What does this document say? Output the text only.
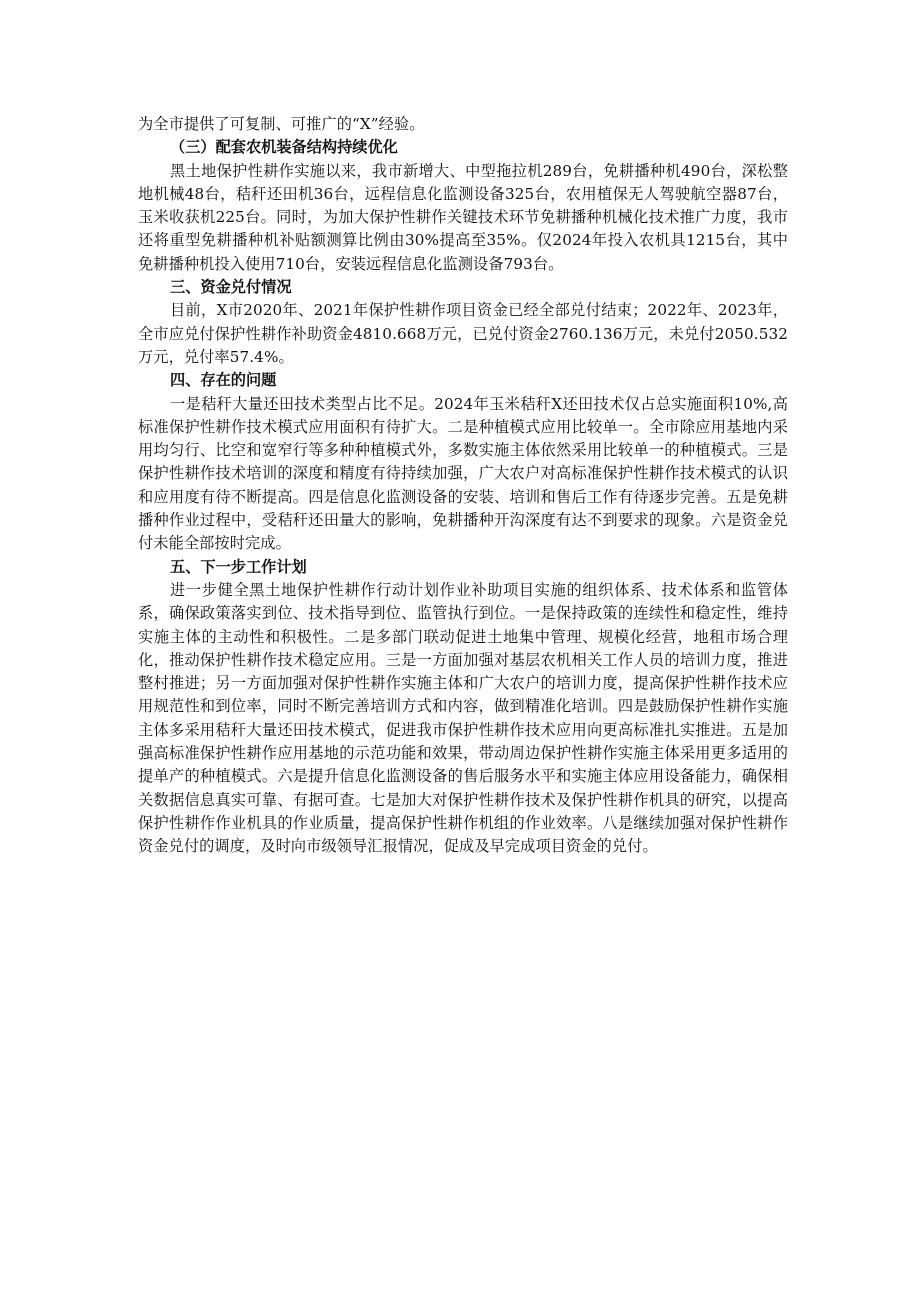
为全市提供了可复制、可推广的“X”经验。

（三）配套农机装备结构持续优化

黑土地保护性耕作实施以来，我市新增大、中型拖拉机289台，免耕播种机490台，深松整地机械48台，秸秆还田机36台，远程信息化监测设备325台，农用植保无人驾驶航空器87台，玉米收获机225台。同时，为加大保护性耕作关键技术环节免耕播种机械化技术推广力度，我市还将重型免耕播种机补贴额测算比例由30%提高至35%。仅2024年投入农机具1215台，其中免耕播种机投入使用710台，安装远程信息化监测设备793台。

三、资金兑付情况

目前，X市2020年、2021年保护性耕作项目资金已经全部兑付结束；2022年、2023年，全市应兑付保护性耕作补助资金4810.668万元，已兑付资金2760.136万元，未兑付2050.532万元，兑付率57.4%。

四、存在的问题

一是秸秆大量还田技术类型占比不足。2024年玉米秸秆X还田技术仅占总实施面积10%,高标准保护性耕作技术模式应用面积有待扩大。二是种植模式应用比较单一。全市除应用基地内采用均匀行、比空和宽窄行等多种种植模式外，多数实施主体依然采用比较单一的种植模式。三是保护性耕作技术培训的深度和精度有待持续加强，广大农户对高标准保护性耕作技术模式的认识和应用度有待不断提高。四是信息化监测设备的安装、培训和售后工作有待逐步完善。五是免耕播种作业过程中，受秸秆还田量大的影响，免耕播种开沟深度有达不到要求的现象。六是资金兑付未能全部按时完成。

五、下一步工作计划

进一步健全黑土地保护性耕作行动计划作业补助项目实施的组织体系、技术体系和监管体系，确保政策落实到位、技术指导到位、监管执行到位。一是保持政策的连续性和稳定性，维持实施主体的主动性和积极性。二是多部门联动促进土地集中管理、规模化经营，地租市场合理化，推动保护性耕作技术稳定应用。三是一方面加强对基层农机相关工作人员的培训力度，推进整村推进；另一方面加强对保护性耕作实施主体和广大农户的培训力度，提高保护性耕作技术应用规范性和到位率，同时不断完善培训方式和内容，做到精准化培训。四是鼓励保护性耕作实施主体多采用秸秆大量还田技术模式，促进我市保护性耕作技术应用向更高标准扎实推进。五是加强高标准保护性耕作应用基地的示范功能和效果，带动周边保护性耕作实施主体采用更多适用的提单产的种植模式。六是提升信息化监测设备的售后服务水平和实施主体应用设备能力，确保相关数据信息真实可靠、有据可查。七是加大对保护性耕作技术及保护性耕作机具的研究，以提高保护性耕作作业机具的作业质量，提高保护性耕作机组的作业效率。八是继续加强对保护性耕作资金兑付的调度，及时向市级领导汇报情况，促成及早完成项目资金的兑付。
